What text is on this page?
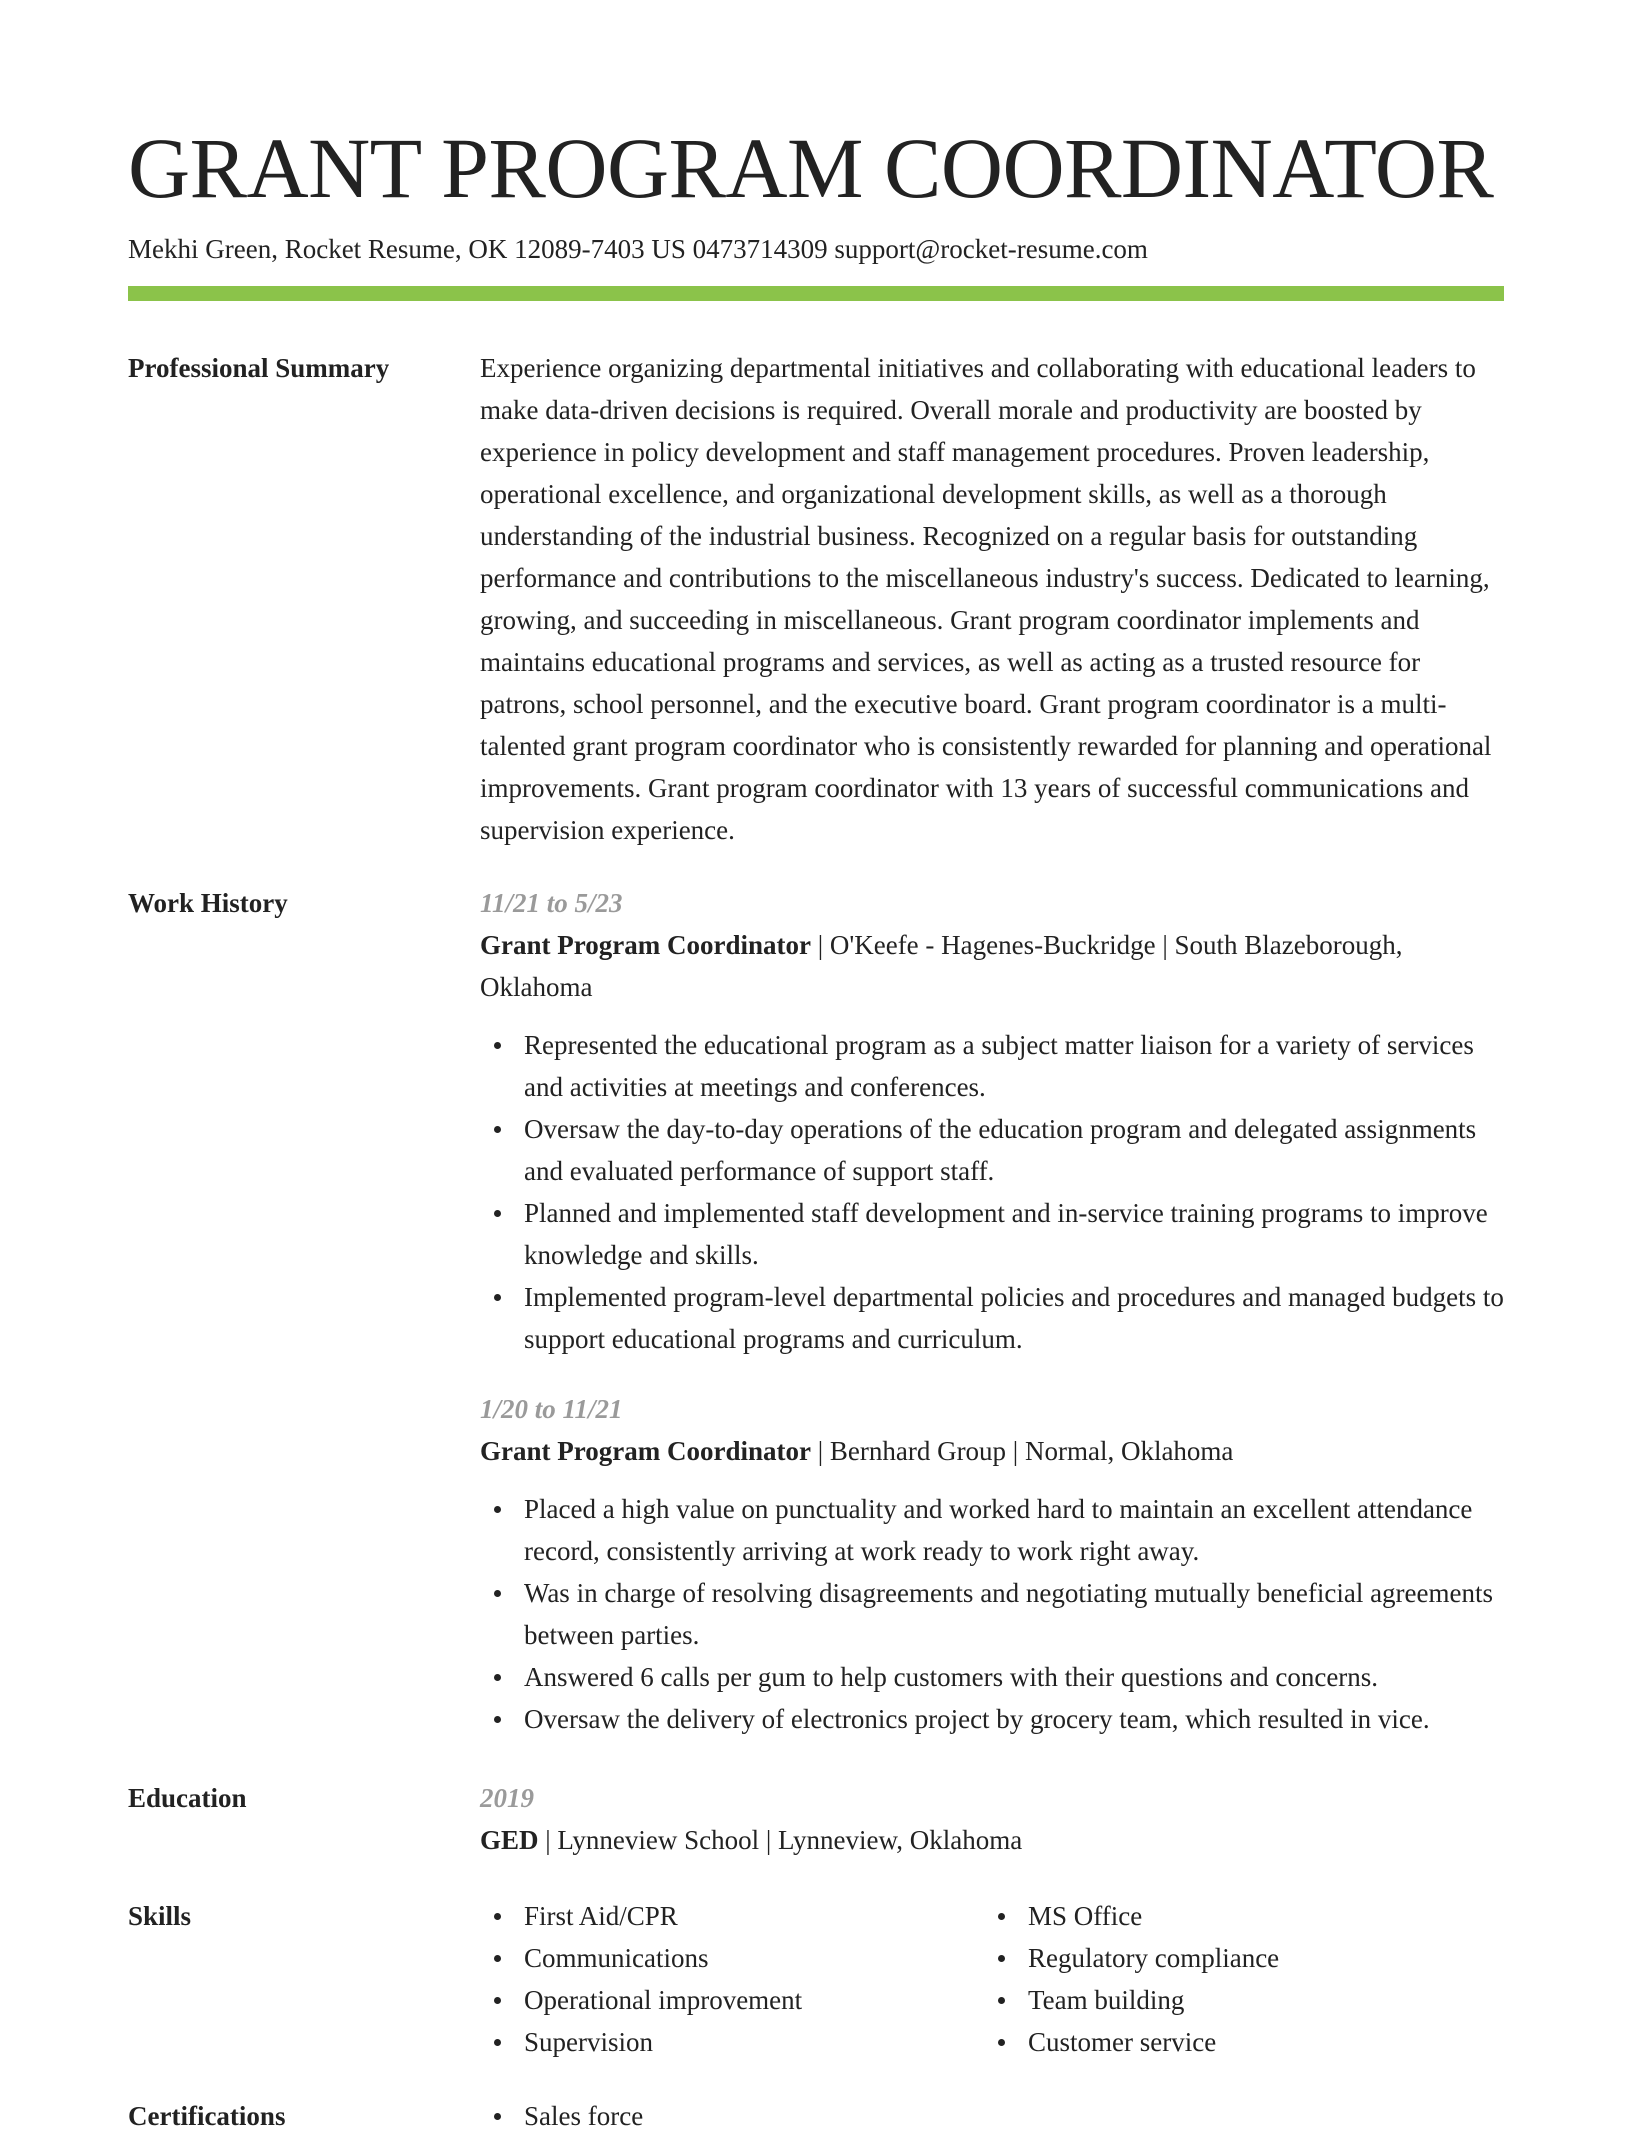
GRANT PROGRAM COORDINATOR
Mekhi Green, Rocket Resume, OK 12089-7403 US 0473714309 support@rocket-resume.com
Professional Summary	Experience organizing departmental initiatives and collaborating with educational leaders to make data-driven decisions is required. Overall morale and productivity are boosted by experience in policy development and staff management procedures. Proven leadership, operational excellence, and organizational development skills, as well as a thorough understanding of the industrial business. Recognized on a regular basis for outstanding performance and contributions to the miscellaneous industry's success. Dedicated to learning, growing, and succeeding in miscellaneous. Grant program coordinator implements and maintains educational programs and services, as well as acting as a trusted resource for patrons, school personnel, and the executive board. Grant program coordinator is a multi-talented grant program coordinator who is consistently rewarded for planning and operational improvements. Grant program coordinator with 13 years of successful communications and supervision experience.

Work History	11/21 to 5/23
Grant Program Coordinator | O'Keefe - Hagenes-Buckridge | South Blazeborough, Oklahoma
Represented the educational program as a subject matter liaison for a variety of services and activities at meetings and conferences.
Oversaw the day-to-day operations of the education program and delegated assignments and evaluated performance of support staff.
Planned and implemented staff development and in-service training programs to improve knowledge and skills.
Implemented program-level departmental policies and procedures and managed budgets to support educational programs and curriculum.
1/20 to 11/21
Grant Program Coordinator | Bernhard Group | Normal, Oklahoma
Placed a high value on punctuality and worked hard to maintain an excellent attendance record, consistently arriving at work ready to work right away.
Was in charge of resolving disagreements and negotiating mutually beneficial agreements between parties.
Answered 6 calls per gum to help customers with their questions and concerns.
Oversaw the delivery of electronics project by grocery team, which resulted in vice.
Education	2019
GED | Lynneview School | Lynneview, Oklahoma
Skills	First Aid/CPR
Communications
Operational improvement
Supervision
MS Office
Regulatory compliance
Team building
Customer service
Certifications	Sales force
